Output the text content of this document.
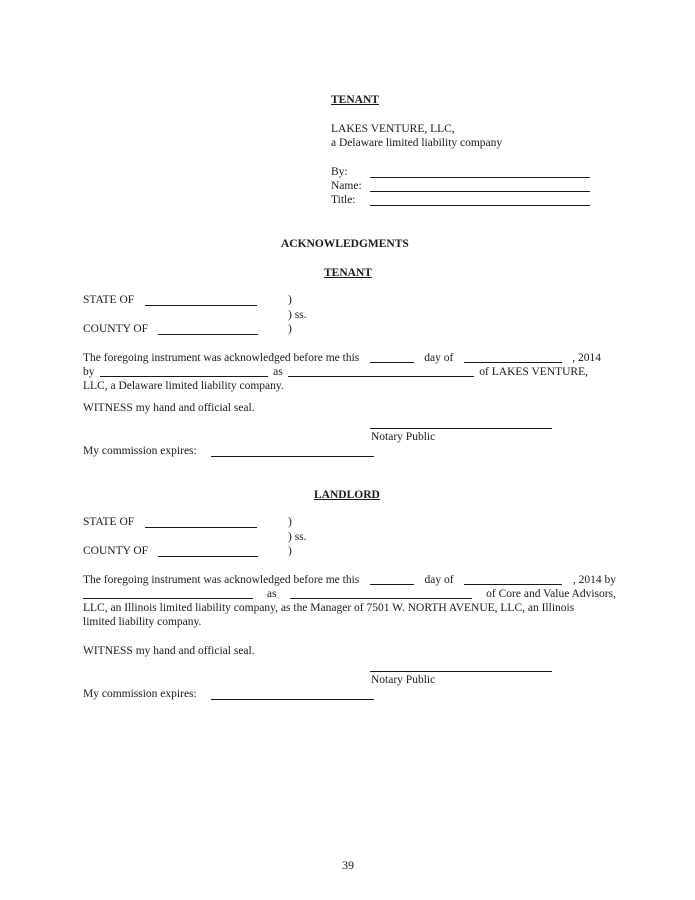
TENANT
LAKES VENTURE, LLC,
a Delaware limited liability company
By:
Name:
Title:
ACKNOWLEDGMENTS
TENANT
STATE OF	)
) ss.
COUNTY OF	)
The foregoing instrument was acknowledged before me this	day of	, 2014
by	as	of LAKES VENTURE,
LLC, a Delaware limited liability company.
WITNESS my hand and official seal.
Notary Public
My commission expires:
LANDLORD
STATE OF	)
) ss.
COUNTY OF	)
The foregoing instrument was acknowledged before me this	day of	, 2014 by
as	of Core and Value Advisors,
LLC, an Illinois limited liability company, as the Manager of 7501 W. NORTH AVENUE, LLC, an Illinois
limited liability company.
WITNESS my hand and official seal.
Notary Public
My commission expires:
39
